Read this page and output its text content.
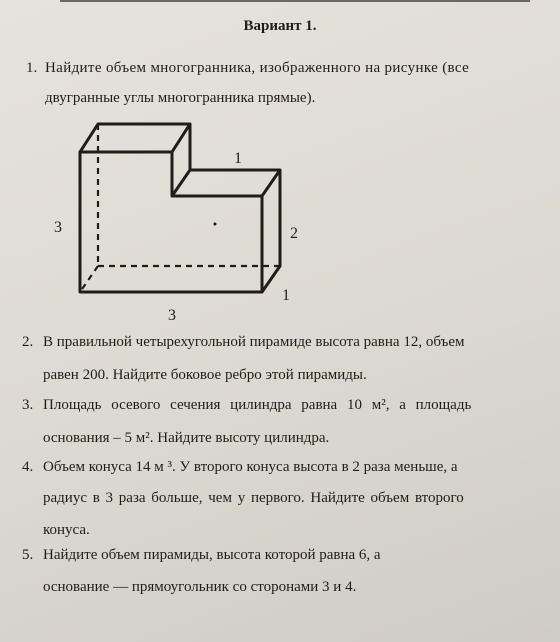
Вариант 1.
1. Найдите объем многогранника, изображенного на рисунке (все
двугранные углы многогранника прямые).
1
3	2
1
3
2. В правильной четырехугольной пирамиде высота равна 12, объем
равен 200. Найдите боковое ребро этой пирамиды.
3. Площадь осевого сечения цилиндра равна 10 м², а площадь
основания – 5 м². Найдите высоту цилиндра.
4. Объем конуса 14 м ³. У второго конуса высота в 2 раза меньше, а
радиус в 3 раза больше, чем у первого. Найдите объем второго
конуса.
5. Найдите объем пирамиды, высота которой равна 6, а
основание — прямоугольник со сторонами 3 и 4.
